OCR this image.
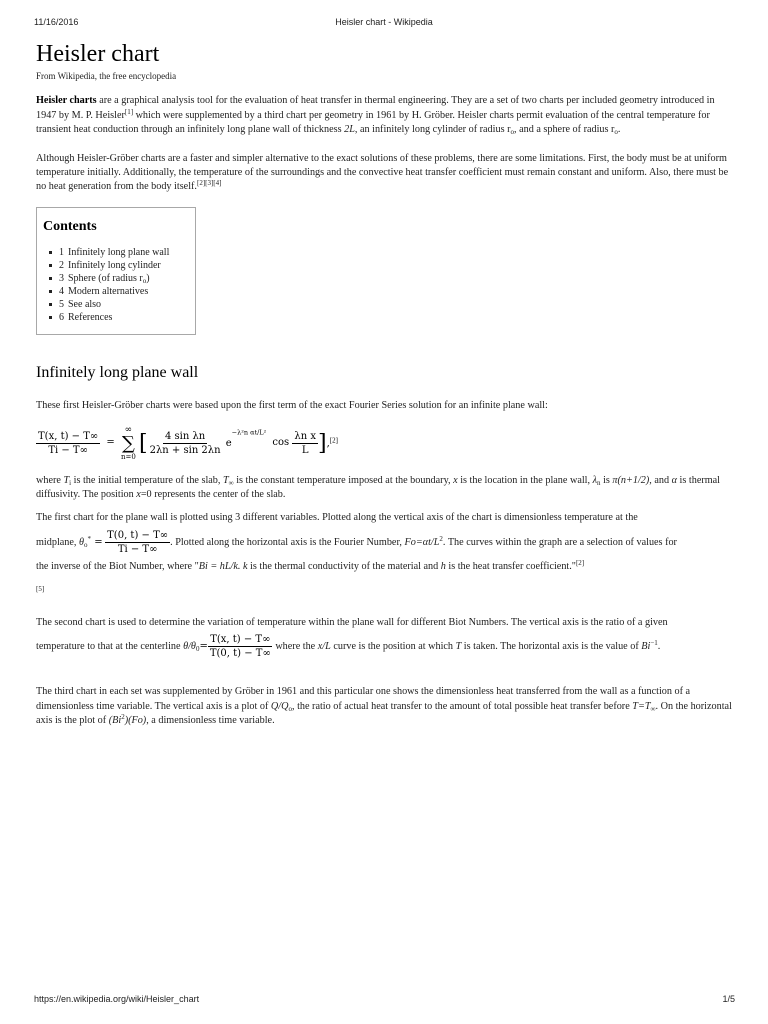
11/16/2016	Heisler chart - Wikipedia
Heisler chart
From Wikipedia, the free encyclopedia

Heisler charts are a graphical analysis tool for the evaluation of heat transfer in thermal engineering. They are a set of two charts per included geometry introduced in 1947 by M. P. Heisler[1] which were supplemented by a third chart per geometry in 1961 by H. Gröber. Heisler charts permit evaluation of the central temperature for transient heat conduction through an infinitely long plane wall of thickness 2L, an infinitely long cylinder of radius $r_o$, and a sphere of radius $r_o$.

Although Heisler-Gröber charts are a faster and simpler alternative to the exact solutions of these problems, there are some limitations. First, the body must be at uniform temperature initially. Additionally, the temperature of the surroundings and the convective heat transfer coefficient must remain constant and uniform. Also, there must be no heat generation from the body itself.[2][3][4]

Contents
1 Infinitely long plane wall
2 Infinitely long cylinder
3 Sphere (of radius $r_o$)
4 Modern alternatives
5 See also
6 References
Infinitely long plane wall

These first Heisler-Gröber charts were based upon the first term of the exact Fourier Series solution for an infinite plane wall:

$\frac{T(x, t) - T\infty}{Ti - T\infty}$ =
∞
∑
n=0
[ $\frac{\text{4 sin λn}}{2\lambda n + \sin 2\lambda n} e^{-\lambda^2n \alpha t/L^2}$ $\cos \frac{\text{λn x}}{L} ],[2]$

where $T_i$ is the initial temperature of the slab, $T_\infty$ is the constant temperature imposed at the boundary, x is the location in the plane wall, $\lambda_n$ is π(n+1/2), and α is thermal diffusivity. The position x=0 represents the center of the slab.

The first chart for the plane wall is plotted using 3 different variables. Plotted along the vertical axis of the chart is dimensionless temperature at the
midplane, $\theta_o^* = \frac{T(0, t) - T\infty}{Ti - T\infty}$ . Plotted along the horizontal axis is the Fourier Number, $Fo=\alpha t/L^2$. The curves within the graph are a selection of values for
the inverse of the Biot Number, where "Bi = hL/k. k is the thermal conductivity of the material and h is the heat transfer coefficient."[2]

[5]

The second chart is used to determine the variation of temperature within the plane wall for different Biot Numbers. The vertical axis is the ratio of a given
temperature to that at the centerline $\theta/\theta_0= \frac{T(x, t) - T\infty}{T(0, t) - T\infty}$ where the x/L curve is the position at which T is taken. The horizontal axis is the value of $Bi^{-1}$.

The third chart in each set was supplemented by Gröber in 1961 and this particular one shows the dimensionless heat transferred from the wall as a function of a dimensionless time variable. The vertical axis is a plot of $Q/Q_o$, the ratio of actual heat transfer to the amount of total possible heat transfer before $T=T_\infty$. On the horizontal axis is the plot of (Bi$^2$)(Fo), a dimensionless time variable.

https://en.wikipedia.org/wiki/Heisler_chart	1/5
